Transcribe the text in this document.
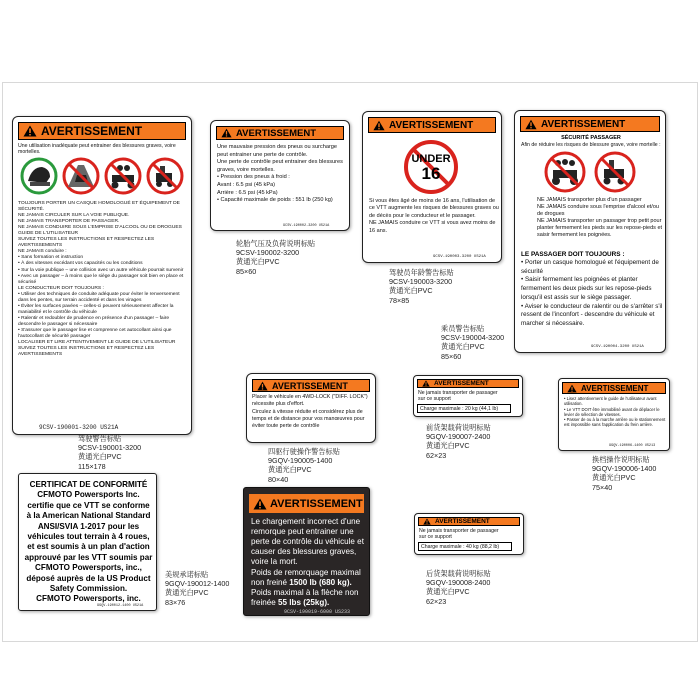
AVERTISSEMENT
Une utilisation inadéquate peut entrainer des blessures graves, voire mortelles.
TOUJOURS PORTER UN CASQUE HOMOLOGUÉ ET ÉQUIPEMENT DE SÉCURITÉ.
NE JAMAIS CIRCULER SUR LA VOIE PUBLIQUE.
NE JAMAIS TRANSPORTER DE PASSAGER.
NE JAMAIS CONDUIRE SOUS L'EMPRISE D'ALCOOL OU DE DROGUES
GUIDE DE L'UTILISATEUR
SUIVEZ TOUTES LES INSTRUCTIONS ET RESPECTEZ LES AVERTISSEMENTS
NE JAMAIS conduire :
• Sans formation et instruction
• À des vitesses excédant vos capacités ou les conditions
• Sur la voie publique – une collision avec un autre véhicule pourrait survenir
• Avec un passager – à moins que le siège du passager soit bien en place et sécurisé
LE CONDUCTEUR DOIT TOUJOURS :
• Utiliser des techniques de conduite adéquate pour éviter le renversement dans les pentes, sur terrain accidenté et dans les virages
• Éviter les surfaces pavées – celles-ci peuvent sérieusement affecter la maniabilité et le contrôle du véhicule
• Ralentir et redoubler de prudence en présence d'un passager – faire descendre le passager si nécessaire
• S'assurer que le passager lise et comprenne cet autocollant ainsi que l'autocollant de sécurité passager
LOCALISER ET LIRE ATTENTIVEMENT LE GUIDE DE L'UTILISATEUR
SUIVEZ TOUTES LES INSTRUCTIONS ET RESPECTEZ LES AVERTISSEMENTS
9CSV-190001-3200 US21A
驾驶警告标贴
9CSV-190001-3200
黄通光白PVC
115×178
AVERTISSEMENT
Une mauvaise pression des pneus ou surcharge peut entrainer une perte de contrôle.
Une perte de contrôle peut entrainer des blessures graves, voire mortelles.
• Pression des pneus à froid :
Avant : 6.5 psi (45 kPa)
Arrière : 6.5 psi (45 kPa)
• Capacité maximale de poids : 551 lb (250 kg)
9CSV-190002-3200 US21A
轮胎气压及负荷说明标贴
9CSV-190002-3200
黄通光白PVC
85×60
AVERTISSEMENT
UNDER
16
Si vous êtes âgé de moins de 16 ans, l'utilisation de ce VTT augmente les risques de blessures graves ou de décès pour le conducteur et le passager.
NE JAMAIS conduire ce VTT si vous avez moins de 16 ans.
9CSV-190003-3200 US21A
驾驶员年龄警告标贴
9CSV-190003-3200
黄通光白PVC
78×85
AVERTISSEMENT
SÉCURITÉ PASSAGER
Afin de réduire les risques de blessure grave, voire mortelle :
NE JAMAIS transporter plus d'un passager
NE JAMAIS conduire sous l'emprise d'alcool et/ou de drogues
NE JAMAIS transporter un passager trop petit pour planter fermement les pieds sur les repose-pieds et saisir fermement les poignées.
LE PASSAGER DOIT TOUJOURS :
• Porter un casque homologué et l'équipement de sécurité
• Saisir fermement les poignées et planter fermement les deux pieds sur les repose-pieds lorsqu'il est assis sur le siège passager.
• Aviser le conducteur de ralentir ou de s'arrêter s'il ressent de l'inconfort - descendre du véhicule et marcher si nécessaire.
9CSV-190004-3200 US21A
乘员警告标贴
9CSV-190004-3200
黄通光白PVC
85×60
AVERTISSEMENT
Placer le véhicule en 4WD-LOCK ("DIFF. LOCK") nécessite plus d'effort.
Circulez à vitesse réduite et considérez plus de temps et de distance pour vos manœuvres pour éviter toute perte de contrôle
四驱行驶操作警告标贴
9GQV-190005-1400
黄通光白PVC
80×40
AVERTISSEMENT
Ne jamais transporter de passager
sur ce support
Charge maximale : 20 kg (44,1 lb)
前货架载荷说明标贴
9GQV-190007-2400
黄通光白PVC
62×23
AVERTISSEMENT
• Lisez attentivement le guide de l'utilisateur avant utilisation.
• Le VTT DOIT être immobilisé avant de déplacer le levier de sélection de vitesses.
• Passer de ou à la marche arrière ou le stationnement est impossible sans l'application du frein arrière.
9GQV-190006-1400 US213
换档操作说明标贴
9GQV-190006-1400
黄通光白PVC
75×40
CERTIFICAT DE CONFORMITÉ
CFMOTO Powersports Inc. certifie que ce VTT se conforme à la American National Standard ANSI/SVIA 1-2017 pour les véhicules tout terrain à 4 roues, et est soumis à un plan d'action approuvé par les VTT soumis par CFMOTO Powersports, inc., déposé auprès de la US Product Safety Commission.
CFMOTO Powersports, inc.
9GQV-190012-1400 US21A
美规承诺标贴
9GQV-190012-1400
黄通光白PVC
83×76
AVERTISSEMENT
Le chargement incorrect d'une remorque peut entrainer une perte de contrôle du véhicule et causer des blessures graves, voire la mort.
Poids de remorquage maximal non freiné 1500 lb (680 kg).
Poids maximal à la flèche non freinée 55 lbs (25kg).
9CSV-190019-6000 US233
AVERTISSEMENT
Ne jamais transporter de passager
sur ce support
Charge maximale : 40 kg (88,2 lb)
后货架载荷说明标贴
9GQV-190008-2400
黄通光白PVC
62×23
